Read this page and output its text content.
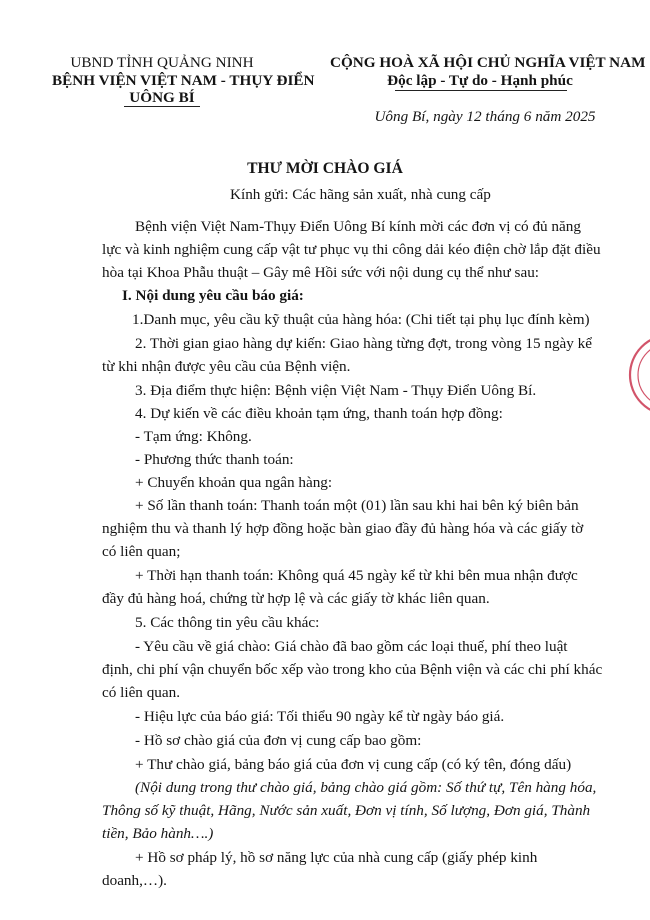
UBND TỈNH QUẢNG NINH
BỆNH VIỆN VIỆT NAM - THỤY ĐIỂN
UÔNG BÍ
CỘNG HOÀ XÃ HỘI CHỦ NGHĨA VIỆT NAM
Độc lập - Tự do - Hạnh phúc
Uông Bí, ngày 12 tháng 6 năm 2025
THƯ MỜI CHÀO GIÁ
Kính gửi: Các hãng sản xuất, nhà cung cấp
Bệnh viện Việt Nam-Thụy Điển Uông Bí kính mời các đơn vị có đủ năng
lực và kinh nghiệm cung cấp vật tư phục vụ thi công dải kéo điện chờ lắp đặt điều
hòa tại Khoa Phẫu thuật – Gây mê Hồi sức với nội dung cụ thể như sau:
I. Nội dung yêu cầu báo giá:
1.Danh mục, yêu cầu kỹ thuật của hàng hóa: (Chi tiết tại phụ lục đính kèm)
2. Thời gian giao hàng dự kiến: Giao hàng từng đợt, trong vòng 15 ngày kể
từ khi nhận được yêu cầu của Bệnh viện.
3. Địa điểm thực hiện: Bệnh viện Việt Nam - Thụy Điển Uông Bí.
4. Dự kiến về các điều khoản tạm ứng, thanh toán hợp đồng:
- Tạm ứng: Không.
- Phương thức thanh toán:
+ Chuyển khoản qua ngân hàng:
+ Số lần thanh toán: Thanh toán một (01) lần sau khi hai bên ký biên bản
nghiệm thu và thanh lý hợp đồng hoặc bàn giao đầy đủ hàng hóa và các giấy tờ
có liên quan;
+ Thời hạn thanh toán: Không quá 45 ngày kể từ khi bên mua nhận được
đầy đủ hàng hoá, chứng từ hợp lệ và các giấy tờ khác liên quan.
5. Các thông tin yêu cầu khác:
- Yêu cầu về giá chào: Giá chào đã bao gồm các loại thuế, phí theo luật
định, chi phí vận chuyển bốc xếp vào trong kho của Bệnh viện và các chi phí khác
có liên quan.
- Hiệu lực của báo giá: Tối thiểu 90 ngày kể từ ngày báo giá.
- Hồ sơ chào giá của đơn vị cung cấp bao gồm:
+ Thư chào giá, bảng báo giá của đơn vị cung cấp (có ký tên, đóng dấu)
(Nội dung trong thư chào giá, bảng chào giá gồm: Số thứ tự, Tên hàng hóa,
Thông số kỹ thuật, Hãng, Nước sản xuất, Đơn vị tính, Số lượng, Đơn giá, Thành
tiền, Bảo hành….)
+ Hồ sơ pháp lý, hồ sơ năng lực của nhà cung cấp (giấy phép kinh
doanh,…).
